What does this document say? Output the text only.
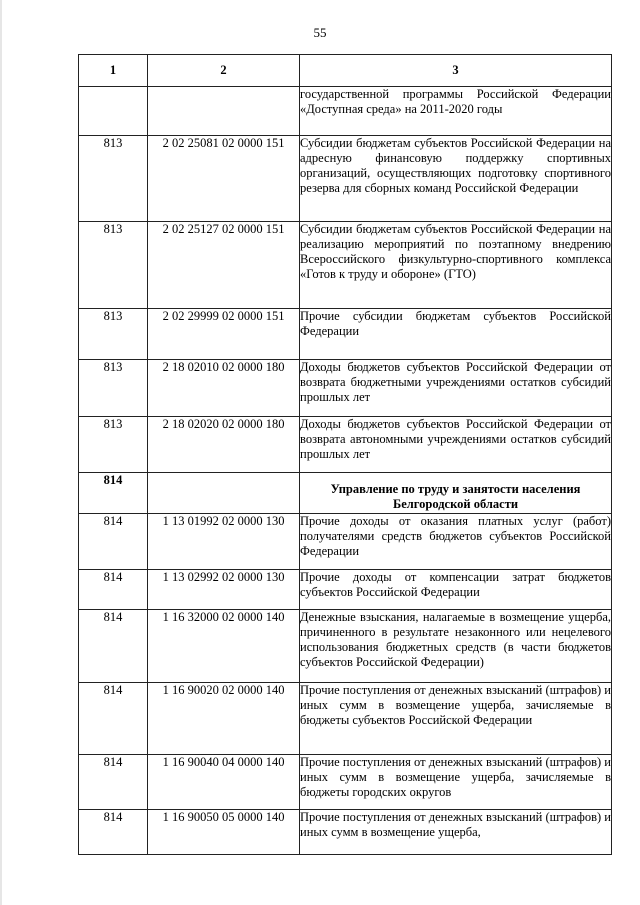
55
1	2	3
		государственной программы Российской Федерации «Доступная среда» на 2011-2020 годы
813	2 02 25081 02 0000 151	Субсидии бюджетам субъектов Российской Федерации на адресную финансовую поддержку спортивных организаций, осуществляющих подготовку спортивного резерва для сборных команд Российской Федерации
813	2 02 25127 02 0000 151	Субсидии бюджетам субъектов Российской Федерации на реализацию мероприятий по поэтапному внедрению Всероссийского физкультурно-спортивного комплекса «Готов к труду и обороне» (ГТО)
813	2 02 29999 02 0000 151	Прочие субсидии бюджетам субъектов Российской Федерации
813	2 18 02010 02 0000 180	Доходы бюджетов субъектов Российской Федерации от возврата бюджетными учреждениями остатков субсидий прошлых лет
813	2 18 02020 02 0000 180	Доходы бюджетов субъектов Российской Федерации от возврата автономными учреждениями остатков субсидий прошлых лет
814		Управление по труду и занятости населения Белгородской области
814	1 13 01992 02 0000 130	Прочие доходы от оказания платных услуг (работ) получателями средств бюджетов субъектов Российской Федерации
814	1 13 02992 02 0000 130	Прочие доходы от компенсации затрат бюджетов субъектов Российской Федерации
814	1 16 32000 02 0000 140	Денежные взыскания, налагаемые в возмещение ущерба, причиненного в результате незаконного или нецелевого использования бюджетных средств (в части бюджетов субъектов Российской Федерации)
814	1 16 90020 02 0000 140	Прочие поступления от денежных взысканий (штрафов) и иных сумм в возмещение ущерба, зачисляемые в бюджеты субъектов Российской Федерации
814	1 16 90040 04 0000 140	Прочие поступления от денежных взысканий (штрафов) и иных сумм в возмещение ущерба, зачисляемые в бюджеты городских округов
814	1 16 90050 05 0000 140	Прочие поступления от денежных взысканий (штрафов) и иных сумм в возмещение ущерба,
